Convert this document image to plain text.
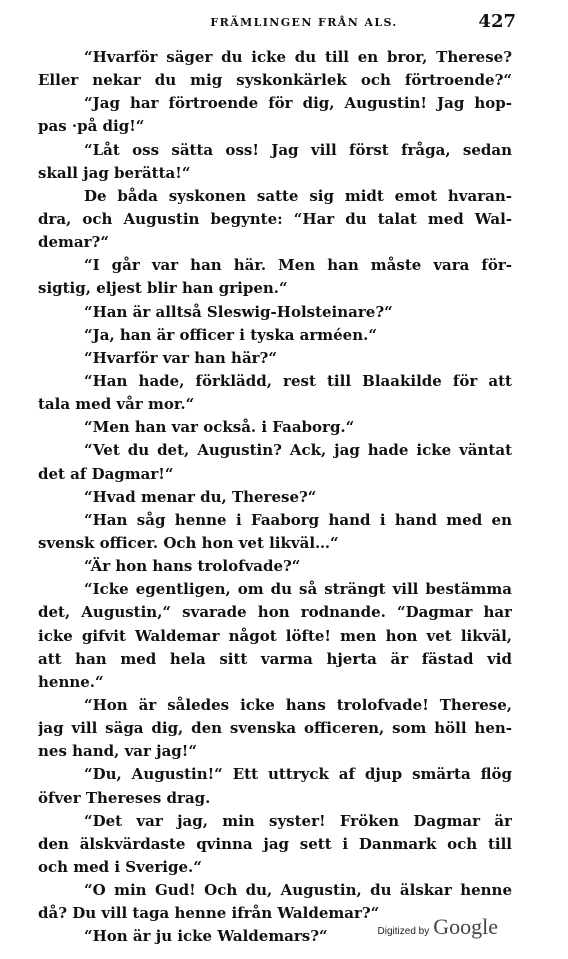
FRÄMLINGEN FRÅN ALS.	427
“Hvarför säger du icke du till en bror, Therese?
Eller nekar du mig syskonkärlek och förtroende?“
“Jag har förtroende för dig, Augustin! Jag hop-
pas ·på dig!“
“Låt oss sätta oss! Jag vill först fråga, sedan
skall jag berätta!“
De båda syskonen satte sig midt emot hvaran-
dra, och Augustin begynte: “Har du talat med Wal-
demar?“
“I går var han här. Men han måste vara för-
sigtig, eljest blir han gripen.“
“Han är alltså Sleswig-Holsteinare?“
“Ja, han är officer i tyska arméen.“
“Hvarför var han här?“
“Han hade, förklädd, rest till Blaakilde för att
tala med vår mor.“
“Men han var också. i Faaborg.“
“Vet du det, Augustin? Ack, jag hade icke väntat
det af Dagmar!“
“Hvad menar du, Therese?“
“Han såg henne i Faaborg hand i hand med en
svensk officer. Och hon vet likväl…“
“Är hon hans trolofvade?“
“Icke egentligen, om du så strängt vill bestämma
det, Augustin,“ svarade hon rodnande. “Dagmar har
icke gifvit Waldemar något löfte! men hon vet likväl,
att han med hela sitt varma hjerta är fästad vid
henne.“
“Hon är således icke hans trolofvade! Therese,
jag vill säga dig, den svenska officeren, som höll hen-
nes hand, var jag!“
“Du, Augustin!“ Ett uttryck af djup smärta flög
öfver Thereses drag.
“Det var jag, min syster! Fröken Dagmar är
den älskvärdaste qvinna jag sett i Danmark och till
och med i Sverige.“
“O min Gud! Och du, Augustin, du älskar henne
då? Du vill taga henne ifrån Waldemar?“
“Hon är ju icke Waldemars?“	Digitized by Google
